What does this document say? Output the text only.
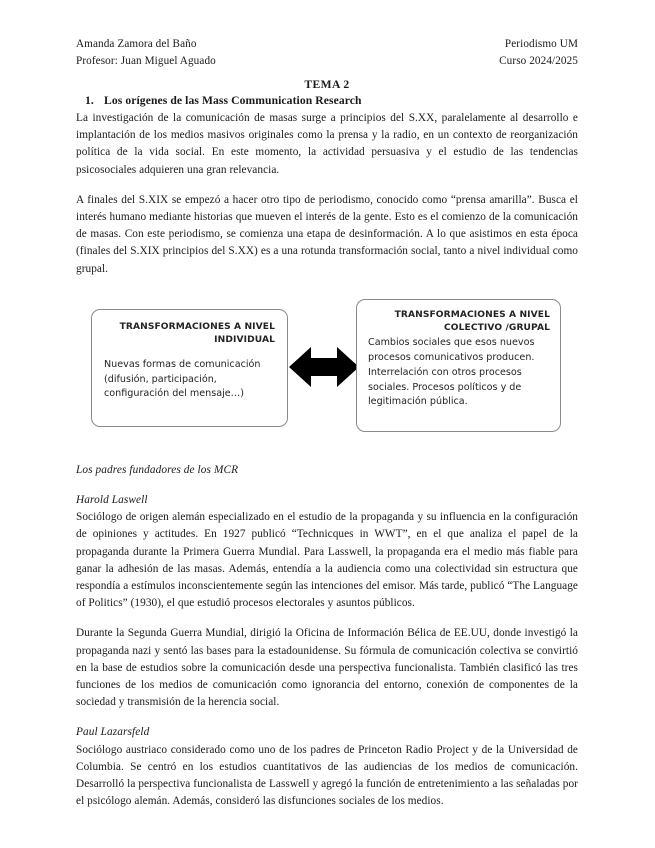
Amanda Zamora del Baño
Profesor: Juan Miguel Aguado
Periodismo UM
Curso 2024/2025
TEMA 2
1. Los orígenes de las Mass Communication Research

La investigación de la comunicación de masas surge a principios del S.XX, paralelamente al desarrollo e implantación de los medios masivos originales como la prensa y la radio, en un contexto de reorganización política de la vida social. En este momento, la actividad persuasiva y el estudio de las tendencias psicosociales adquieren una gran relevancia.

A finales del S.XIX se empezó a hacer otro tipo de periodismo, conocido como “prensa amarilla”. Busca el interés humano mediante historias que mueven el interés de la gente. Esto es el comienzo de la comunicación de masas. Con este periodismo, se comienza una etapa de desinformación. A lo que asistimos en esta época (finales del S.XIX principios del S.XX) es a una rotunda transformación social, tanto a nivel individual como grupal.

TRANSFORMACIONES A NIVEL INDIVIDUAL
Nuevas formas de comunicación (difusión, participación, configuración del mensaje…)
TRANSFORMACIONES A NIVEL COLECTIVO /GRUPAL
Cambios sociales que esos nuevos procesos comunicativos producen. Interrelación con otros procesos sociales. Procesos políticos y de legitimación pública.

Los padres fundadores de los MCR

Harold Laswell

Sociólogo de origen alemán especializado en el estudio de la propaganda y su influencia en la configuración de opiniones y actitudes. En 1927 publicó “Technicques in WWT”, en el que analiza el papel de la propaganda durante la Primera Guerra Mundial. Para Lasswell, la propaganda era el medio más fiable para ganar la adhesión de las masas. Además, entendía a la audiencia como una colectividad sin estructura que respondía a estímulos inconscientemente según las intenciones del emisor. Más tarde, publicó “The Language of Politics” (1930), el que estudió procesos electorales y asuntos públicos.

Durante la Segunda Guerra Mundial, dirigió la Oficina de Información Bélica de EE.UU, donde investigó la propaganda nazi y sentó las bases para la estadounidense. Su fórmula de comunicación colectiva se convirtió en la base de estudios sobre la comunicación desde una perspectiva funcionalista. También clasificó las tres funciones de los medios de comunicación como ignorancia del entorno, conexión de componentes de la sociedad y transmisión de la herencia social.

Paul Lazarsfeld

Sociólogo austriaco considerado como uno de los padres de Princeton Radio Project y de la Universidad de Columbia. Se centró en los estudios cuantitativos de las audiencias de los medios de comunicación. Desarrolló la perspectiva funcionalista de Lasswell y agregó la función de entretenimiento a las señaladas por el psicólogo alemán. Además, consideró las disfunciones sociales de los medios.
